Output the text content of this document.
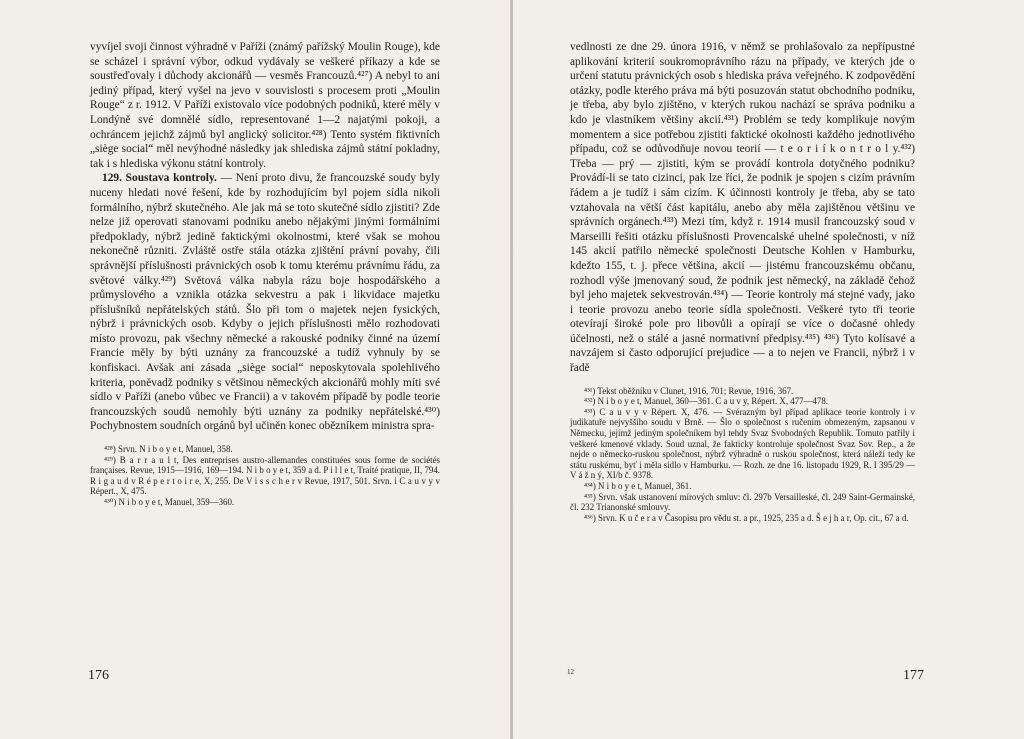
vyvíjel svoji činnost výhradně v Paříži (známý pařížský Moulin Rouge), kde se scházel i správní výbor, odkud vydávaly se veškeré příkazy a kde se soustřeďovaly i důchody akcionářů — vesměs Francouzů.⁴²⁷) A nebyl to ani jediný případ, který vyšel na jevo v souvislosti s procesem proti „Moulin Rouge“ z r. 1912. V Paříži existovalo více podobných podniků, které měly v Londýně své domnělé sídlo, representované 1—2 najatými pokoji, a ochráncem jejichž zájmů byl anglický solicitor.⁴²⁸) Tento systém fiktivních „siège social“ měl nevýhodné následky jak shlediska zájmů státní pokladny, tak i s hlediska výkonu státní kontroly.

129. Soustava kontroly. — Není proto divu, že francouzské soudy byly nuceny hledati nové řešení, kde by rozhodujícím byl pojem sídla nikoli formálního, nýbrž skutečného. Ale jak má se toto skutečné sídlo zjistiti? Zde nelze již operovati stanovami podniku anebo nějakými jinými formálními předpoklady, nýbrž jedině faktickými okolnostmi, které však se mohou nekonečně různiti. Zvláště ostře stála otázka zjištění právní povahy, čili správnější příslušnosti právnických osob k tomu kterému právnímu řádu, za světové války.⁴²⁹) Světová válka nabyla rázu boje hospodářského a průmyslového a vznikla otázka sekvestru a pak i likvidace majetku příslušníků nepřátelských států. Šlo při tom o majetek nejen fysických, nýbrž i právnických osob. Kdyby o jejich příslušnosti mělo rozhodovati místo provozu, pak všechny německé a rakouské podniky činné na území Francie měly by býti uznány za francouzské a tudíž vyhnuly by se konfiskaci. Avšak ani zásada „siège social“ neposkytovala spolehlivého kriteria, poněvadž podniky s většinou německých akcionářů mohly míti své sídlo v Paříži (anebo vůbec ve Francii) a v takovém případě by podle teorie francouzských soudů nemohly býti uznány za podniky nepřátelské.⁴³⁰) Pochybnostem soudních orgánů byl učiněn konec obězníkem ministra spra-

⁴²⁸) Srvn. N i b o y e t, Manuel, 358.

⁴²⁹) B a r r a u l t, Des entreprises austro-allemandes constituées sous forme de sociétés françaises. Revue, 1915—1916, 169—194. N i b o y e t, 359 a d. P i l l e t, Traité pratique, II, 794. R i g a u d v R é p e r t o i r e, X, 255. De V i s s c h e r v Revue, 1917, 501. Srvn. i C a u v y v Répert., X, 475.

⁴³⁰) N i b o y e t, Manuel, 359—360.

176

vedlnosti ze dne 29. února 1916, v němž se prohlašovalo za nepřípustné aplikování kriterií soukromoprávního rázu na případy, ve kterých jde o určení statutu právnických osob s hlediska práva veřejného. K zodpovědění otázky, podle kterého práva má býti posuzován statut obchodního podniku, je třeba, aby bylo zjištěno, v kterých rukou nachází se správa podniku a kdo je vlastníkem většiny akcií.⁴³¹) Problém se tedy komplikuje novým momentem a sice potřebou zjistiti faktické okolnosti každého jednotlivého případu, což se odůvodňuje novou teorií — t e o r i í k o n t r o l y.⁴³²) Třeba — prý — zjistiti, kým se provádí kontrola dotyčného podniku? Provádí-li se tato cizinci, pak lze říci, že podnik je spojen s cizím právním řádem a je tudíž i sám cizím. K účinnosti kontroly je třeba, aby se tato vztahovala na větší část kapitálu, anebo aby měla zajištěnou většinu ve správních orgánech.⁴³³) Mezi tím, když r. 1914 musil francouzský soud v Marseilli řešiti otázku příslušnosti Provencalské uhelné společnosti, v níž 145 akcií patřilo německé společnosti Deutsche Kohlen v Hamburku, kdežto 155, t. j. přece většina, akcií — jistému francouzskému občanu, rozhodl výše jmenovaný soud, že podnik jest německý, na základě čehož byl jeho majetek sekvestrován.⁴³⁴) — Teorie kontroly má stejné vady, jako i teorie provozu anebo teorie sídla společnosti. Veškeré tyto tři teorie otevírají široké pole pro libovůli a opírají se více o dočasné ohledy účelnosti, než o stálé a jasné normativní předpisy.⁴³⁵) ⁴³⁶) Tyto kolísavé a navzájem si často odporující prejudice — a to nejen ve Francii, nýbrž i v řadě

⁴³¹) Tekst oběžníku v Clunet, 1916, 701; Revue, 1916, 367.

⁴³²) N i b o y e t, Manuel, 360—361. C a u v y, Répert. X, 477—478.

⁴³³) C a u v y v Répert. X, 476. — Svérazným byl případ aplikace teorie kontroly i v judikatuře nejvyššího soudu v Brně. — Šlo o společnost s ručením obmezeným, zapsanou v Německu, jejímž jediným společníkem byl tehdy Svaz Svobodných Republik. Tomuto patřily i veškeré kmenové vklady. Soud uznal, že fakticky kontroluje společnost Svaz Sov. Rep., a že nejde o německo-ruskou společnost, nýbrž výhradně o ruskou společnost, která náleží tedy ke státu ruskému, byť i měla sídlo v Hamburku. — Rozh. ze dne 16. listopadu 1929, R. I 395/29 — V á ž n ý, XI/b č. 9378.

⁴³⁴) N i b o y e t, Manuel, 361.

⁴³⁵) Srvn. však ustanovení mírových smluv: čl. 297b Versailleské, čl. 249 Saint-Germainské, čl. 232 Trianonské smlouvy.

⁴³⁶) Srvn. K u č e r a v Časopisu pro vědu st. a pr., 1925, 235 a d. Š e j h a r, Op. cit., 67 a d.

12	177
